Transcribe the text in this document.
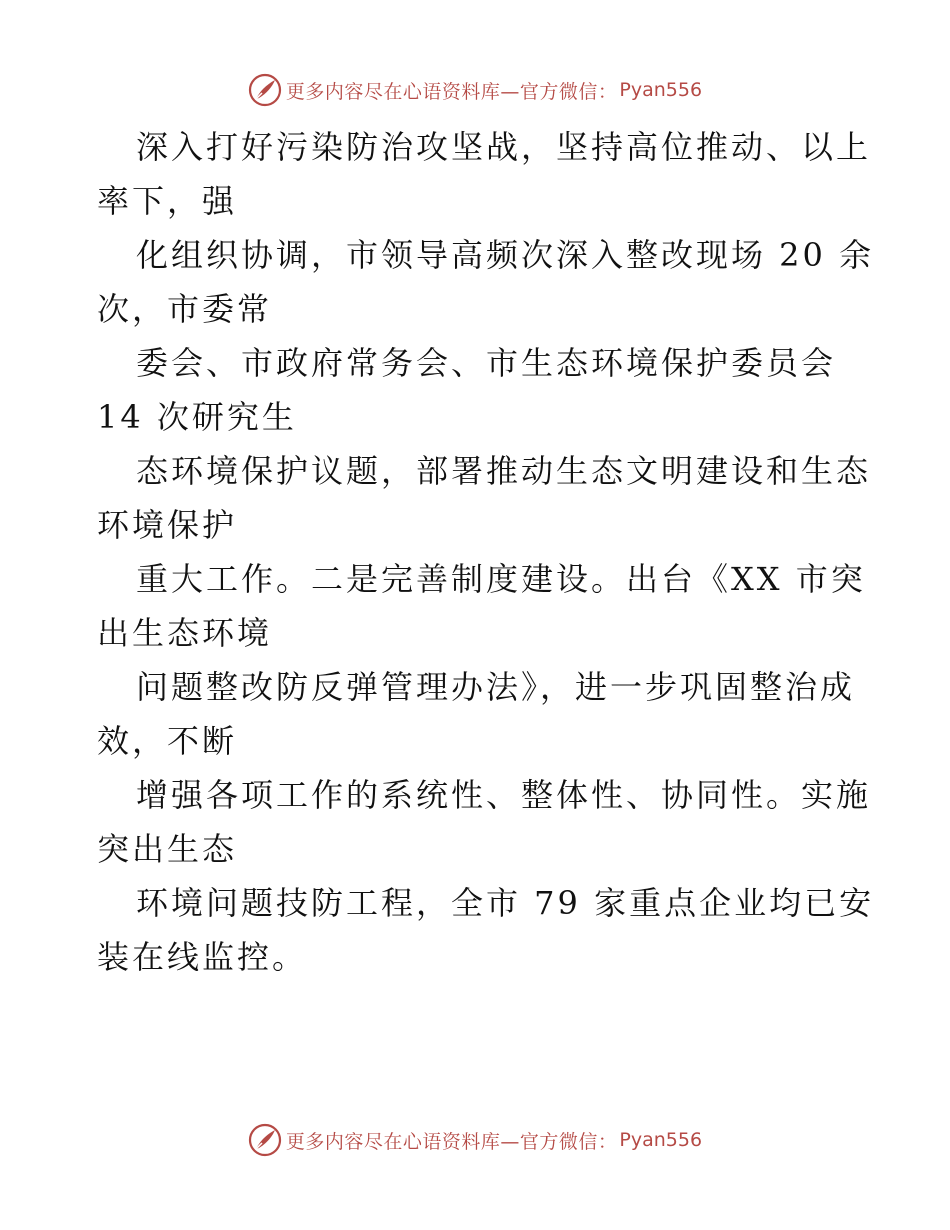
更多内容尽在心语资料库—官方微信： Pyan556
深入打好污染防治攻坚战，坚持高位推动、以上
率下，强
化组织协调，市领导高频次深入整改现场 20 余
次，市委常
委会、市政府常务会、市生态环境保护委员会
14 次研究生
态环境保护议题，部署推动生态文明建设和生态
环境保护
重大工作。二是完善制度建设。出台《XX 市突
出生态环境
问题整改防反弹管理办法》，进一步巩固整治成
效，不断
增强各项工作的系统性、整体性、协同性。实施
突出生态
环境问题技防工程，全市 79 家重点企业均已安
装在线监控。
更多内容尽在心语资料库—官方微信： Pyan556
